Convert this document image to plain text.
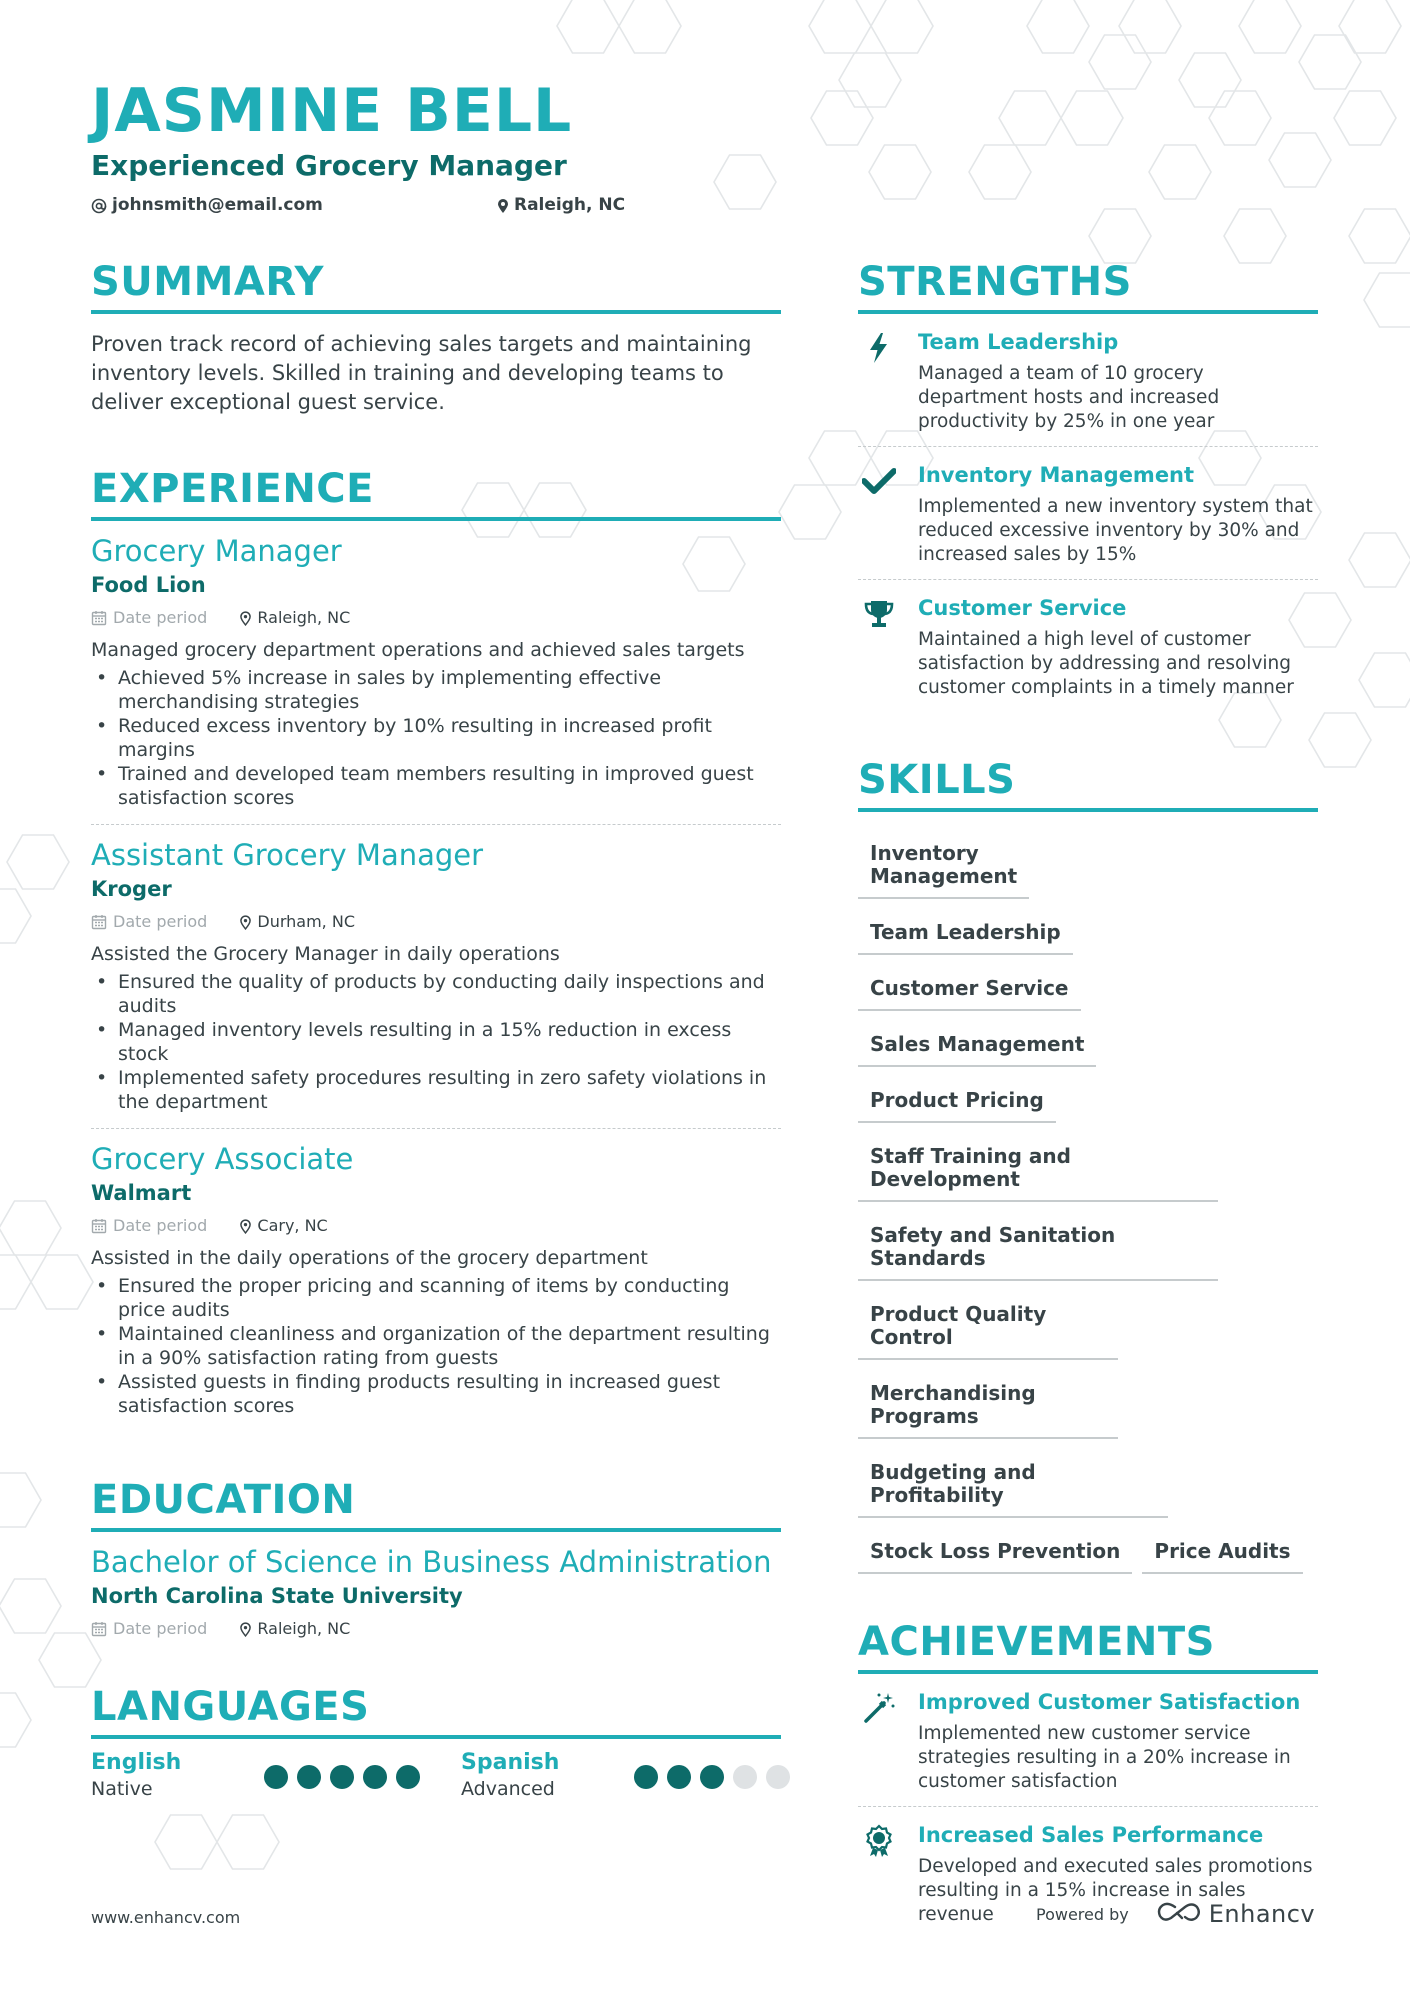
JASMINE BELL
Experienced Grocery Manager
johnsmith@email.com	Raleigh, NC
SUMMARY
Proven track record of achieving sales targets and maintaining inventory levels. Skilled in training and developing teams to deliver exceptional guest service.
EXPERIENCE
Grocery Manager
Food Lion
Date period	Raleigh, NC
Managed grocery department operations and achieved sales targets
• Achieved 5% increase in sales by implementing effective merchandising strategies
• Reduced excess inventory by 10% resulting in increased profit margins
• Trained and developed team members resulting in improved guest satisfaction scores
Assistant Grocery Manager
Kroger
Date period	Durham, NC
Assisted the Grocery Manager in daily operations
• Ensured the quality of products by conducting daily inspections and audits
• Managed inventory levels resulting in a 15% reduction in excess stock
• Implemented safety procedures resulting in zero safety violations in the department
Grocery Associate
Walmart
Date period	Cary, NC
Assisted in the daily operations of the grocery department
• Ensured the proper pricing and scanning of items by conducting price audits
• Maintained cleanliness and organization of the department resulting in a 90% satisfaction rating from guests
• Assisted guests in finding products resulting in increased guest satisfaction scores
EDUCATION
Bachelor of Science in Business Administration
North Carolina State University
Date period	Raleigh, NC
LANGUAGES
English
Native
Spanish
Advanced
STRENGTHS
Team Leadership
Managed a team of 10 grocery department hosts and increased productivity by 25% in one year
Inventory Management
Implemented a new inventory system that reduced excessive inventory by 30% and increased sales by 15%
Customer Service
Maintained a high level of customer satisfaction by addressing and resolving customer complaints in a timely manner
SKILLS
Inventory Management
Team Leadership
Customer Service
Sales Management
Product Pricing
Staff Training and Development
Safety and Sanitation Standards
Product Quality Control
Merchandising Programs
Budgeting and Profitability
Stock Loss Prevention	Price Audits
ACHIEVEMENTS
Improved Customer Satisfaction
Implemented new customer service strategies resulting in a 20% increase in customer satisfaction
Increased Sales Performance
Developed and executed sales promotions resulting in a 15% increase in sales revenue
www.enhancv.com	Powered by	Enhancv
